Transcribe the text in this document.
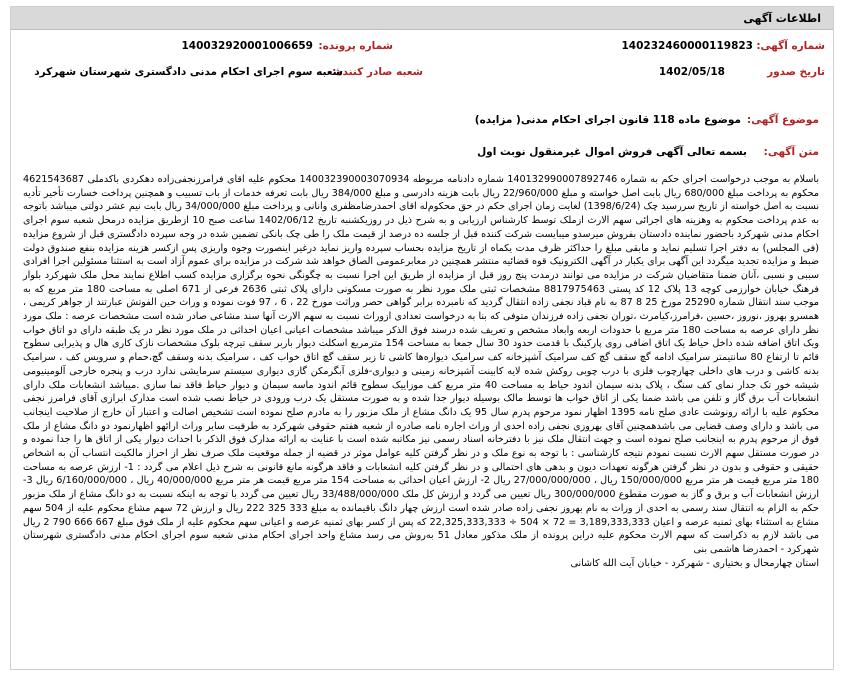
اطلاعات آگهی
شماره آگهی:
140232460000119823
شماره پرونده:
140032920001006659
تاریخ صدور
1402/05/18
شعبه صادر کننده:
شعبه سوم اجرای احکام مدنی دادگستری شهرستان شهرکرد
موضوع آگهی:
موضوع ماده 118 قانون اجرای احکام مدنی( مزایده)
متن آگهی:
بسمه تعالی آگهی فروش اموال غیرمنقول نوبت اول

باسلام به موجب درخواست اجرای حکم به شماره 140132990007892746 شماره دادنامه مربوطه 140032390003070934 محکوم علیه اقای فرامرزنجفی‌زاده دهکردی باکدملی 4621543687 محکوم به پرداخت مبلغ 680/000 ریال بابت اصل خواسته و مبلغ 22/960/000 ریال بابت هزینه دادرسی و مبلغ 384/000 ریال بابت تعرفه خدمات از باب تسبیب و همچنین پرداخت خسارت تأخیر تأدیه نسبت به اصل خواسته از تاریخ سررسید چک (1398/6/24) لغایت زمان اجرای حکم در حق محکوم‌له اقای احمدرضامظفری وانانی و پرداخت مبلغ 34/000/000 ریال بابت نیم عشر دولتی میباشد باتوجه به عدم پرداخت محکوم به وهزینه های اجرائی سهم الارث ازملک توسط کارشناس ارزیابی و به شرح ذیل در روزیکشنبه تاریخ 1402/06/12 ساعت صبح 10 ازطریق مزایده درمحل شعبه سوم اجرای احکام مدنی شهرکرد باحضور نماینده دادستان بفروش میرسدو میبایست شرکت کننده قبل از جلسه ده درصد از قیمت ملک را طی چک بانکی تضمین شده در وجه سپرده دادگستری قبل از شروع مزایده (فی المجلس) به دفتر اجرا تسلیم نماید و مابقی مبلغ را حداکثر ظرف مدت یکماه از تاریخ مزایده بحساب سپرده واریز نماید درغیر اینصورت وجوه واریزی پس ازکسر هزینه مزایده بنفع صندوق دولت ضبط و مزایده تجدید میگردد این آگهی برای یکبار در آگهی الکترونیک قوه قضائیه منتشر همچنین در معابرعمومی الصاق خواهد شد شرکت در مزایده برای عموم آزاد است به استثنا مسئولین اجرا افرادی سببی و نسبی ،آنان ضمنا متقاضیان شرکت در مزایده می توانند درمدت پنج روز قبل از مزایده از طریق این اجرا نسبت به چگونگی نحوه برگزاری مزایده کسب اطلاع نمایند محل ملک شهرکرد بلوار فرهنگ خیابان خوارزمی کوچه 13 پلاک 12 کد پستی 8817975463 مشخصات ثبتی ملک مورد نظر به صورت مسکونی دارای پلاک ثبتی 2636 فرعی از 671 اصلی به مساحت 180 متر مربع که به موجب سند انتقال شماره 25290 مورخ 25 8 87 به نام قباد نجفی زاده انتقال گردید که نامبرده برابر گواهی حصر وراثت مورخ 22 ، 6 ، 97 فوت نموده و وراث حین الفوتش عبارتند از جواهر کریمی ، همسرو بهروز ،نوروز ،حسین ،فرامرز،کیامرث ،توران نجفی زاده فرزندان متوفی که بنا به درخواست تعدادی ازوراث نسبت به سهم الارث آنها سند مشاعی صادر شده است مشخصات عرصه : ملک مورد نظر دارای عرصه به مساحت 180 متر مربع با حدودات اربعه وابعاد مشخص و تعریف شده درسند فوق الذکر میباشد مشخصات اعیانی اعیان احداثی در ملک مورد نظر در یک طبقه دارای دو اتاق خواب ویک اتاق اضافه شده داخل حیاط یک اتاق اضافی روی پارکینگ با قدمت حدود 30 سال جمعا به مساحت 154 مترمربع اسکلت دیوار باربر سقف تیرچه بلوک مشخصات نازک کاری هال و پذیرایی سطوح قائم تا ارتفاع 80 سانتیمتر سرامیک ادامه گچ سقف گچ کف سرامیک آشپزخانه کف سرامیک دیواره‌ها کاشی تا زیر سقف گچ اتاق خواب کف ، سرامیک بدنه وسقف گچ،حمام و سرویس کف ، سرامیک بدنه کاشی و درب های داخلی چهارچوب فلزی با درب چوبی روکش شده لایه کابینت آشپزخانه زمینی و دیواری-فلزی آبگرمکن گازی دیواری سیستم سرمایشی ندارد درب و پنجره خارجی آلومینیومی شیشه خور تک جدار نمای کف سنگ ، پلاک بدنه سیمان اندود حیاط به مساحت 40 متر مربع کف موزاییک سطوح قائم اندود ماسه سیمان و دیوار حیاط فاقد نما سازی .میباشد انشعابات ملک دارای انشعابات آب برق گاز و تلفن می باشد ضمنا یکی از اتاق خواب ها توسط مالک بوسیله دیوار جدا شده و به صورت مستقل یک درب ورودی در حیاط نصب شده است مدارک ابرازی آقای فرامرز نجفی محکوم علیه با ارائه رونوشت عادی صلح نامه 1395 اظهار نمود مرحوم پدرم سال 95 یک دانگ مشاع از ملک مزبور را به مادرم صلح نموده است تشخیص اصالت و اعتبار آن خارج از صلاحیت اینجانب می باشد و دارای وصف قضایی می باشدهمچنین آقای بهروزی نجفی زاده احدی از وراث اجاره نامه صادره از شعبه هفتم حقوقی شهرکرد به طرفیت سایر وراث ارائهو اظهارنمود دو دانگ مشاع از ملک فوق از مرحوم پدرم به اینجانب صلح نموده است و جهت انتقال ملک نیز با دفترخانه اسناد رسمی نیز مکاتبه شده است با عنایت به ارائه مدارک فوق الذکر با احداث دیوار یکی از اتاق ها را جدا نموده و در صورت مستقل سهم الارث نسبت نمودم نتیجه کارشناسی : با توجه به نوع ملک و در نظر گرفتن کلیه عوامل موثر در قضیه از جمله موقعیت ملک صرف نظر از احراز مالکیت انتساب آن به اشخاص حقیقی و حقوقی و بدون در نظر گرفتن هرگونه تعهدات دیون و بدهی های احتمالی و در نظر گرفتن کلیه انشعابات و فاقد هرگونه مانع قانونی به شرح ذیل اعلام می گردد : 1- ارزش عرصه به مساحت 180 متر مربع قیمت هر متر مربع 150/000/000 ریال ، 27/000/000/000 ریال 2- ارزش اعیان احداثی به مساحت 154 متر مربع قیمت هر متر مربع 40/000/000 ریال ، 6/160/000/000 ریال 3- ارزش انشعابات آب و برق و گاز به صورت مقطوع 300/000/000 ریال تعیین می گردد و ارزش کل ملک 33/488/000/000 ریال تعیین می گردد با توجه به اینکه نسبت به دو دانگ مشاع از ملک مزبور حکم به الزام به انتقال سند رسمی به احدی از وراث به نام بهروز نجفی زاده صادر شده است ارزش چهار دانگ باقیمانده به مبلغ 333 325 222 ریال و ارزش 72 سهم مشاع محکوم علیه از 504 سهم مشاع به استثناء بهای ثمنیه عرصه و اعیان 3,189,333,333 = 72 × 504 ÷ 22,325,333,333 که پس از کسر بهای ثمنیه عرصه و اعیانی سهم محکوم علیه از ملک فوق مبلغ 667 666 790 2 ریال می باشد لازم به ذکراست که سهم الارث محکوم علیه دراین پرونده از ملک مذکور معادل 51 به‌روش می رسد مشاع واحد اجرای احکام مدنی شعبه سوم اجرای احکام مدنی دادگستری شهرستان شهرکرد - احمدرضا هاشمی بنی

استان چهارمحال و بختیاری - شهرکرد - خیابان آیت الله کاشانی
